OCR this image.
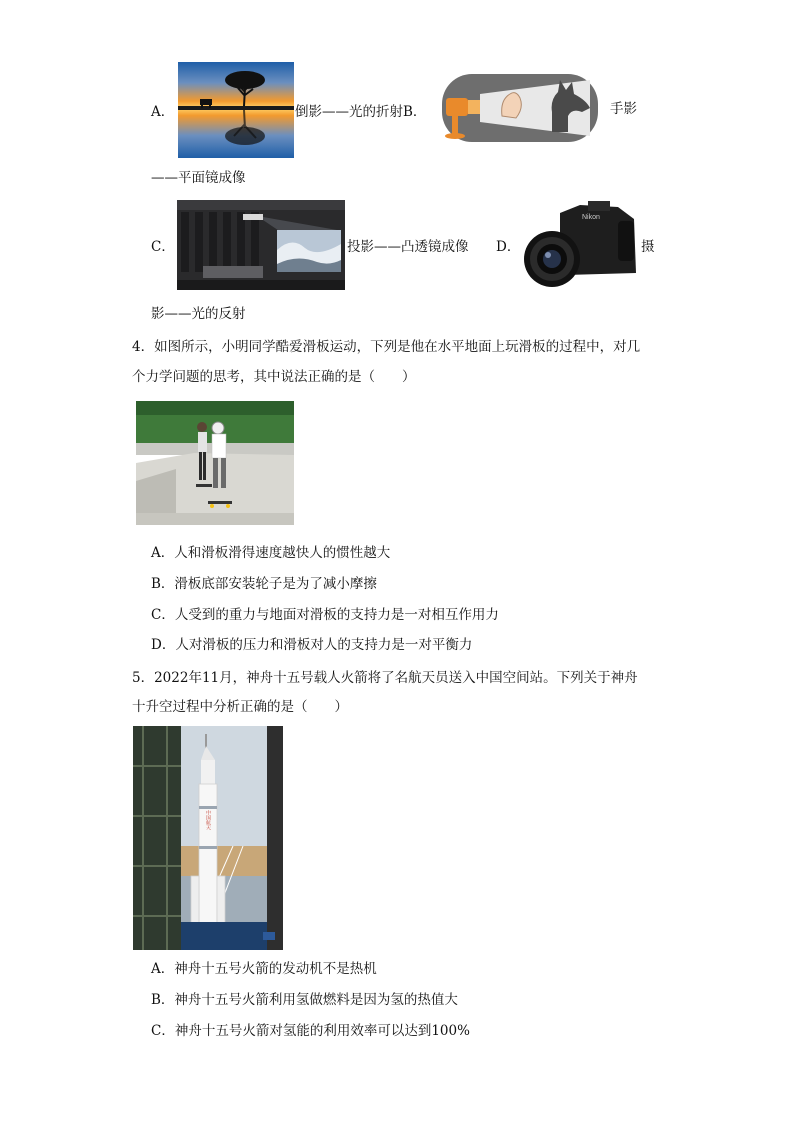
A．	倒影——光的折射B．	手影
——平面镜成像
C．	投影——凸透镜成像 D．
Nikon
摄
影——光的反射
4．如图所示，小明同学酷爱滑板运动，下列是他在水平地面上玩滑板的过程中，对几
个力学问题的思考，其中说法正确的是（　　）
A．人和滑板滑得速度越快人的惯性越大
B．滑板底部安装轮子是为了减小摩擦
C．人受到的重力与地面对滑板的支持力是一对相互作用力
D．人对滑板的压力和滑板对人的支持力是一对平衡力
5．2022年11月，神舟十五号载人火箭将了名航天员送入中国空间站。下列关于神舟
十升空过程中分析正确的是（　　）
中国航天
A．神舟十五号火箭的发动机不是热机
B．神舟十五号火箭利用氢做燃料是因为氢的热值大
C．神舟十五号火箭对氢能的利用效率可以达到100%
